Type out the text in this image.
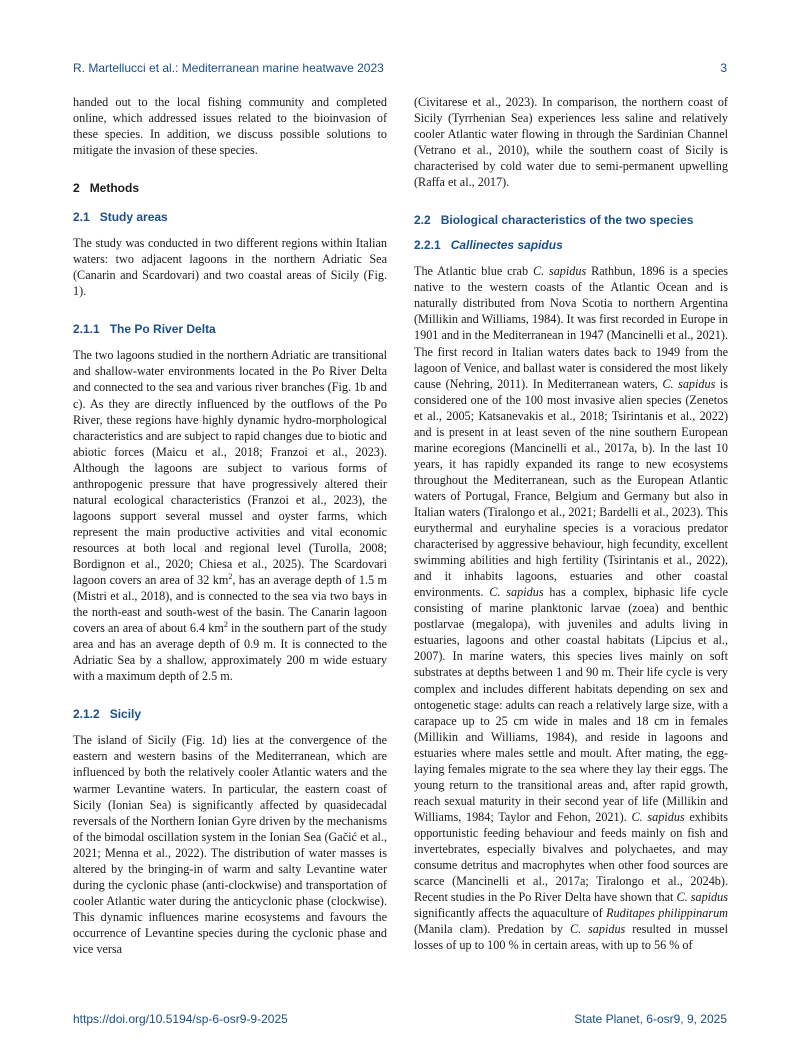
R. Martellucci et al.: Mediterranean marine heatwave 2023	3

handed out to the local fishing community and completed online, which addressed issues related to the bioinvasion of these species. In addition, we discuss possible solutions to mitigate the invasion of these species.

2 Methods
2.1 Study areas

The study was conducted in two different regions within Italian waters: two adjacent lagoons in the northern Adriatic Sea (Canarin and Scardovari) and two coastal areas of Sicily (Fig. 1).

2.1.1 The Po River Delta

The two lagoons studied in the northern Adriatic are transitional and shallow-water environments located in the Po River Delta and connected to the sea and various river branches (Fig. 1b and c). As they are directly influenced by the outflows of the Po River, these regions have highly dynamic hydro-morphological characteristics and are subject to rapid changes due to biotic and abiotic forces (Maicu et al., 2018; Franzoi et al., 2023). Although the lagoons are subject to various forms of anthropogenic pressure that have progressively altered their natural ecological characteristics (Franzoi et al., 2023), the lagoons support several mussel and oyster farms, which represent the main productive activities and vital economic resources at both local and regional level (Turolla, 2008; Bordignon et al., 2020; Chiesa et al., 2025). The Scardovari lagoon covers an area of 32 $km^2$, has an average depth of 1.5 m (Mistri et al., 2018), and is connected to the sea via two bays in the north-east and south-west of the basin. The Canarin lagoon covers an area of about 6.4 $km^2$ in the southern part of the study area and has an average depth of 0.9 m. It is connected to the Adriatic Sea by a shallow, approximately 200 m wide estuary with a maximum depth of 2.5 m.

2.1.2 Sicily

The island of Sicily (Fig. 1d) lies at the convergence of the eastern and western basins of the Mediterranean, which are influenced by both the relatively cooler Atlantic waters and the warmer Levantine waters. In particular, the eastern coast of Sicily (Ionian Sea) is significantly affected by quasidecadal reversals of the Northern Ionian Gyre driven by the mechanisms of the bimodal oscillation system in the Ionian Sea (Gačić et al., 2021; Menna et al., 2022). The distribution of water masses is altered by the bringing-in of warm and salty Levantine water during the cyclonic phase (anti-clockwise) and transportation of cooler Atlantic water during the anticyclonic phase (clockwise). This dynamic influences marine ecosystems and favours the occurrence of Levantine species during the cyclonic phase and vice versa

(Civitarese et al., 2023). In comparison, the northern coast of Sicily (Tyrrhenian Sea) experiences less saline and relatively cooler Atlantic water flowing in through the Sardinian Channel (Vetrano et al., 2010), while the southern coast of Sicily is characterised by cold water due to semi-permanent upwelling (Raffa et al., 2017).

2.2 Biological characteristics of the two species
2.2.1 Callinectes sapidus

The Atlantic blue crab C. sapidus Rathbun, 1896 is a species native to the western coasts of the Atlantic Ocean and is naturally distributed from Nova Scotia to northern Argentina (Millikin and Williams, 1984). It was first recorded in Europe in 1901 and in the Mediterranean in 1947 (Mancinelli et al., 2021). The first record in Italian waters dates back to 1949 from the lagoon of Venice, and ballast water is considered the most likely cause (Nehring, 2011). In Mediterranean waters, C. sapidus is considered one of the 100 most invasive alien species (Zenetos et al., 2005; Katsanevakis et al., 2018; Tsirintanis et al., 2022) and is present in at least seven of the nine southern European marine ecoregions (Mancinelli et al., 2017a, b). In the last 10 years, it has rapidly expanded its range to new ecosystems throughout the Mediterranean, such as the European Atlantic waters of Portugal, France, Belgium and Germany but also in Italian waters (Tiralongo et al., 2021; Bardelli et al., 2023). This eurythermal and euryhaline species is a voracious predator characterised by aggressive behaviour, high fecundity, excellent swimming abilities and high fertility (Tsirintanis et al., 2022), and it inhabits lagoons, estuaries and other coastal environments. C. sapidus has a complex, biphasic life cycle consisting of marine planktonic larvae (zoea) and benthic postlarvae (megalopa), with juveniles and adults living in estuaries, lagoons and other coastal habitats (Lipcius et al., 2007). In marine waters, this species lives mainly on soft substrates at depths between 1 and 90 m. Their life cycle is very complex and includes different habitats depending on sex and ontogenetic stage: adults can reach a relatively large size, with a carapace up to 25 cm wide in males and 18 cm in females (Millikin and Williams, 1984), and reside in lagoons and estuaries where males settle and moult. After mating, the egg-laying females migrate to the sea where they lay their eggs. The young return to the transitional areas and, after rapid growth, reach sexual maturity in their second year of life (Millikin and Williams, 1984; Taylor and Fehon, 2021). C. sapidus exhibits opportunistic feeding behaviour and feeds mainly on fish and invertebrates, especially bivalves and polychaetes, and may consume detritus and macrophytes when other food sources are scarce (Mancinelli et al., 2017a; Tiralongo et al., 2024b). Recent studies in the Po River Delta have shown that C. sapidus significantly affects the aquaculture of Ruditapes philippinarum (Manila clam). Predation by C. sapidus resulted in mussel losses of up to 100 % in certain areas, with up to 56 % of

https://doi.org/10.5194/sp-6-osr9-9-2025	State Planet, 6-osr9, 9, 2025
